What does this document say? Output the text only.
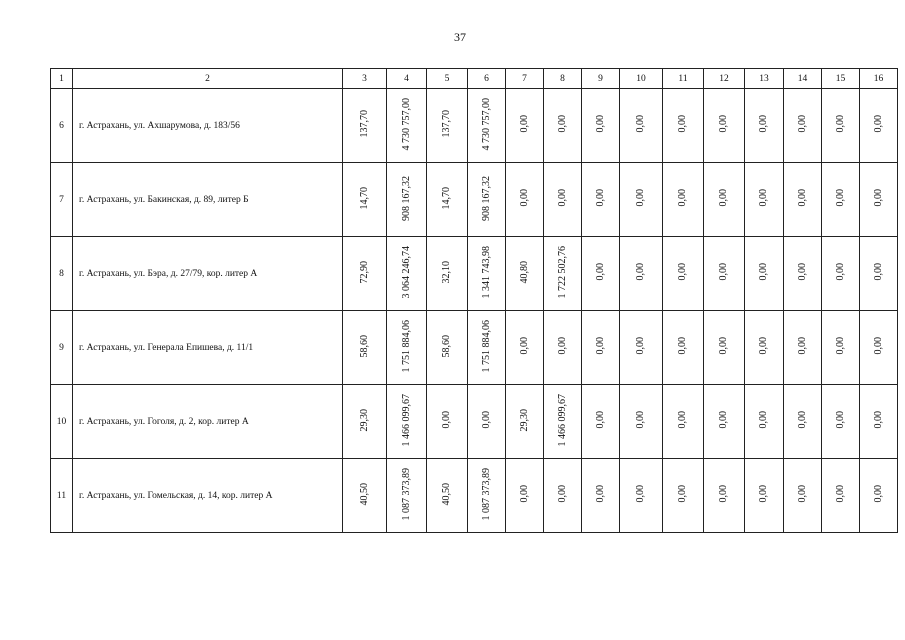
37
1	2	3	4	5	6	7	8	9	10	11	12	13	14	15	16
6	г. Астрахань, ул. Ахшарумова, д. 183/56	137,70	4 730 757,00	137,70	4 730 757,00	0,00	0,00	0,00	0,00	0,00	0,00	0,00	0,00	0,00	0,00
7	г. Астрахань, ул. Бакинская, д. 89, литер Б	14,70	908 167,32	14,70	908 167,32	0,00	0,00	0,00	0,00	0,00	0,00	0,00	0,00	0,00	0,00
8	г. Астрахань, ул. Бэра, д. 27/79, кор. литер А	72,90	3 064 246,74	32,10	1 341 743,98	40,80	1 722 502,76	0,00	0,00	0,00	0,00	0,00	0,00	0,00	0,00
9	г. Астрахань, ул. Генерала Епишева, д. 11/1	58,60	1 751 884,06	58,60	1 751 884,06	0,00	0,00	0,00	0,00	0,00	0,00	0,00	0,00	0,00	0,00
10	г. Астрахань, ул. Гоголя, д. 2, кор. литер А	29,30	1 466 099,67	0,00	0,00	29,30	1 466 099,67	0,00	0,00	0,00	0,00	0,00	0,00	0,00	0,00
11	г. Астрахань, ул. Гомельская, д. 14, кор. литер А	40,50	1 087 373,89	40,50	1 087 373,89	0,00	0,00	0,00	0,00	0,00	0,00	0,00	0,00	0,00	0,00
